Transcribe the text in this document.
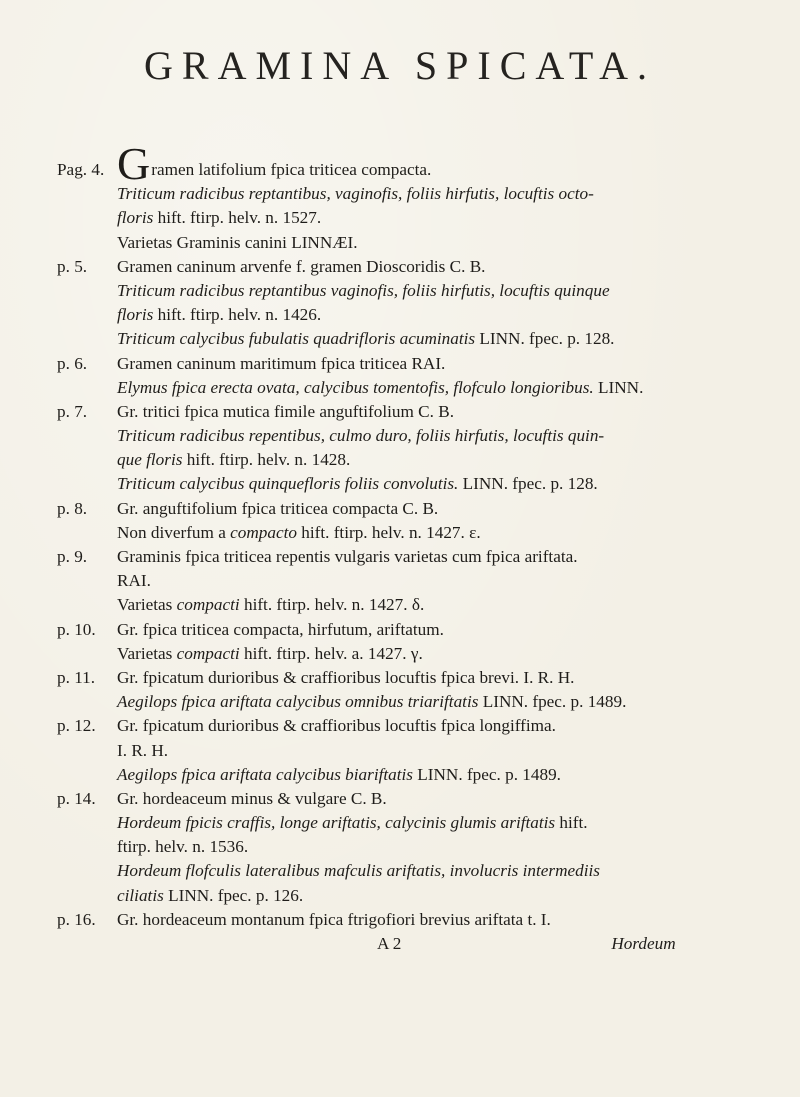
GRAMINA SPICATA.
Pag. 4. Gramen latifolium fpica triticea compacta.
Triticum radicibus reptantibus, vaginofis, foliis hirfutis, locuftis octo-
floris hift. ftirp. helv. n. 1527.
Varietas Graminis canini LINNÆI.
p. 5. Gramen caninum arvenfe f. gramen Dioscoridis C. B.
Triticum radicibus reptantibus vaginofis, foliis hirfutis, locuftis quinque
floris hift. ftirp. helv. n. 1426.
Triticum calycibus fubulatis quadrifloris acuminatis LINN. fpec. p. 128.
p. 6. Gramen caninum maritimum fpica triticea RAI.
Elymus fpica erecta ovata, calycibus tomentofis, flofculo longioribus. LINN.
p. 7. Gr. tritici fpica mutica fimile anguftifolium C. B.
Triticum radicibus repentibus, culmo duro, foliis hirfutis, locuftis quin-
que floris hift. ftirp. helv. n. 1428.
Triticum calycibus quinquefloris foliis convolutis. LINN. fpec. p. 128.
p. 8. Gr. anguftifolium fpica triticea compacta C. B.
Non diverfum a compacto hift. ftirp. helv. n. 1427. ε.
p. 9. Graminis fpica triticea repentis vulgaris varietas cum fpica ariftata.
RAI.
Varietas compacti hift. ftirp. helv. n. 1427. δ.
p. 10. Gr. fpica triticea compacta, hirfutum, ariftatum.
Varietas compacti hift. ftirp. helv. a. 1427. γ.
p. 11. Gr. fpicatum durioribus & craffioribus locuftis fpica brevi. I. R. H.
Aegilops fpica ariftata calycibus omnibus triariftatis LINN. fpec. p. 1489.
p. 12. Gr. fpicatum durioribus & craffioribus locuftis fpica longiffima.
I. R. H.
Aegilops fpica ariftata calycibus biariftatis LINN. fpec. p. 1489.
p. 14. Gr. hordeaceum minus & vulgare C. B.
Hordeum fpicis craffis, longe ariftatis, calycinis glumis ariftatis hift.
ftirp. helv. n. 1536.
Hordeum flofculis lateralibus mafculis ariftatis, involucris intermediis
ciliatis LINN. fpec. p. 126.
p. 16. Gr. hordeaceum montanum fpica ftrigofiori brevius ariftata t. I.
A 2	Hordeum
